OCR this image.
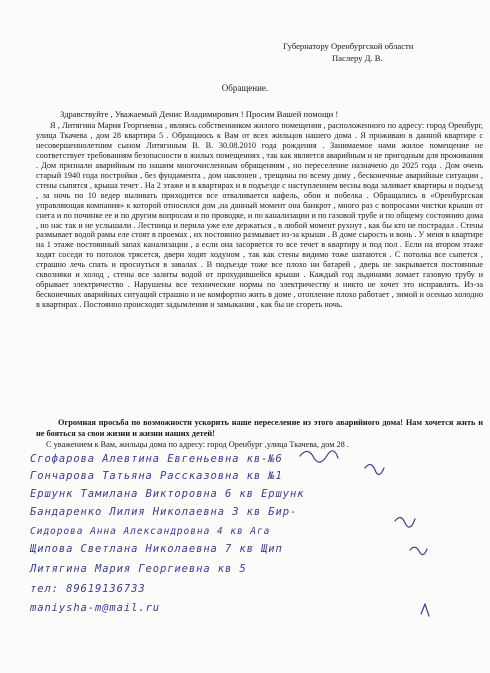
Губернатору Оренбургской области
Паслеру Д. В.
Обращение.
Здравствуйте , Уважаемый Денис Владимирович ! Просим Вашей помощи !

Я , Литягина Мария Георгиевна , являясь собственником жилого помещения , расположенного по адресу: город Оренбург, улица Ткачева , дом 28 квартира 5 . Обращаюсь к Вам от всех жильцов нашего дома . Я проживаю в данной квартире с несовершеннолетним сыном Литягиным В. В. 30.08.2010 года рождения . Занимаемое нами жилое помещение не соответствует требованиям безопасности в жилых помещениях , так как является аварийным и не пригодным для проживания . Дом признали аварийным по нашим многочисленным обращениям , но переселение назначено до 2025 года . Дом очень старый 1940 года постройки , без фундамента , дом наклонен , трещины по всему дому , бесконечные аварийные ситуации , стены сыпятся , крыша течет . На 2 этаже и в квартирах и в подъезде с наступлением весны вода заливает квартиры и подъезд , за ночь по 10 ведер выливать приходится все отваливается кафель, обои и побелка . Обращались в «Оренбургская управляющая компания» к которой относился дом ,на данный момент она банкрот , много раз с вопросами чистки крыши от снега и по починке ее и по другим вопросам и по проводке, и по канализации и по газовой трубе и по общему состоянию дома , но нас так и не услышали . Лестница и перила уже еле держаться , в любой момент рухнут , как бы кто не пострадал . Стены размывает водой рамы еле стоят в проемах , их постоянно размывает из-за крыши . В доме сырость и вонь . У меня в квартире на 1 этаже постоянный запах канализации , а если она засоряется то все течет в квартиру и под пол . Если на втором этаже ходят соседи то потолок трясется, двери ходят ходуном , так как стены видимо тоже шатаются . С потолка все сыпется , страшно лечь спать и проснуться в завалах . В подъезде тоже все плохо ни батарей , дверь не закрывается постоянные сквозняки и холод , стены все залиты водой от прохудившейся крыши . Каждый год льдинами ломает газовую трубу и обрывает электричество . Нарушены все технические нормы по электричеству и никто не хочет это исправлять. Из-за бесконечных аварийных ситуаций страшно и не комфортно жить в доме , отопление плохо работает , зимой и осенью холодно в квартирах . Постоянно происходят задымления и замыкания , как бы не сгореть ночь.

Огромная просьба по возможности ускорить наше переселение из этого аварийного дома! Нам хочется жить и не бояться за свои жизни и жизни наших детей!
С уважением к Вам, жильцы дома по адресу: город Оренбург ,улица Ткачева, дом 28 .
Сгофарова Алевтина Евгеньевна кв-№6
Гончарова Татьяна Рассказовна кв №1
Ершунк Тамилана Викторовна 6 кв Ершунк
Бандаренко Лилия Николаевна 3 кв Бир-
Сидорова Анна Александровна 4 кв Ага
Щипова Светлана Николаевна 7 кв Щип
Литягина Мария Георгиевна кв 5
тел: 89619136733
maniysha-m@mail.ru
